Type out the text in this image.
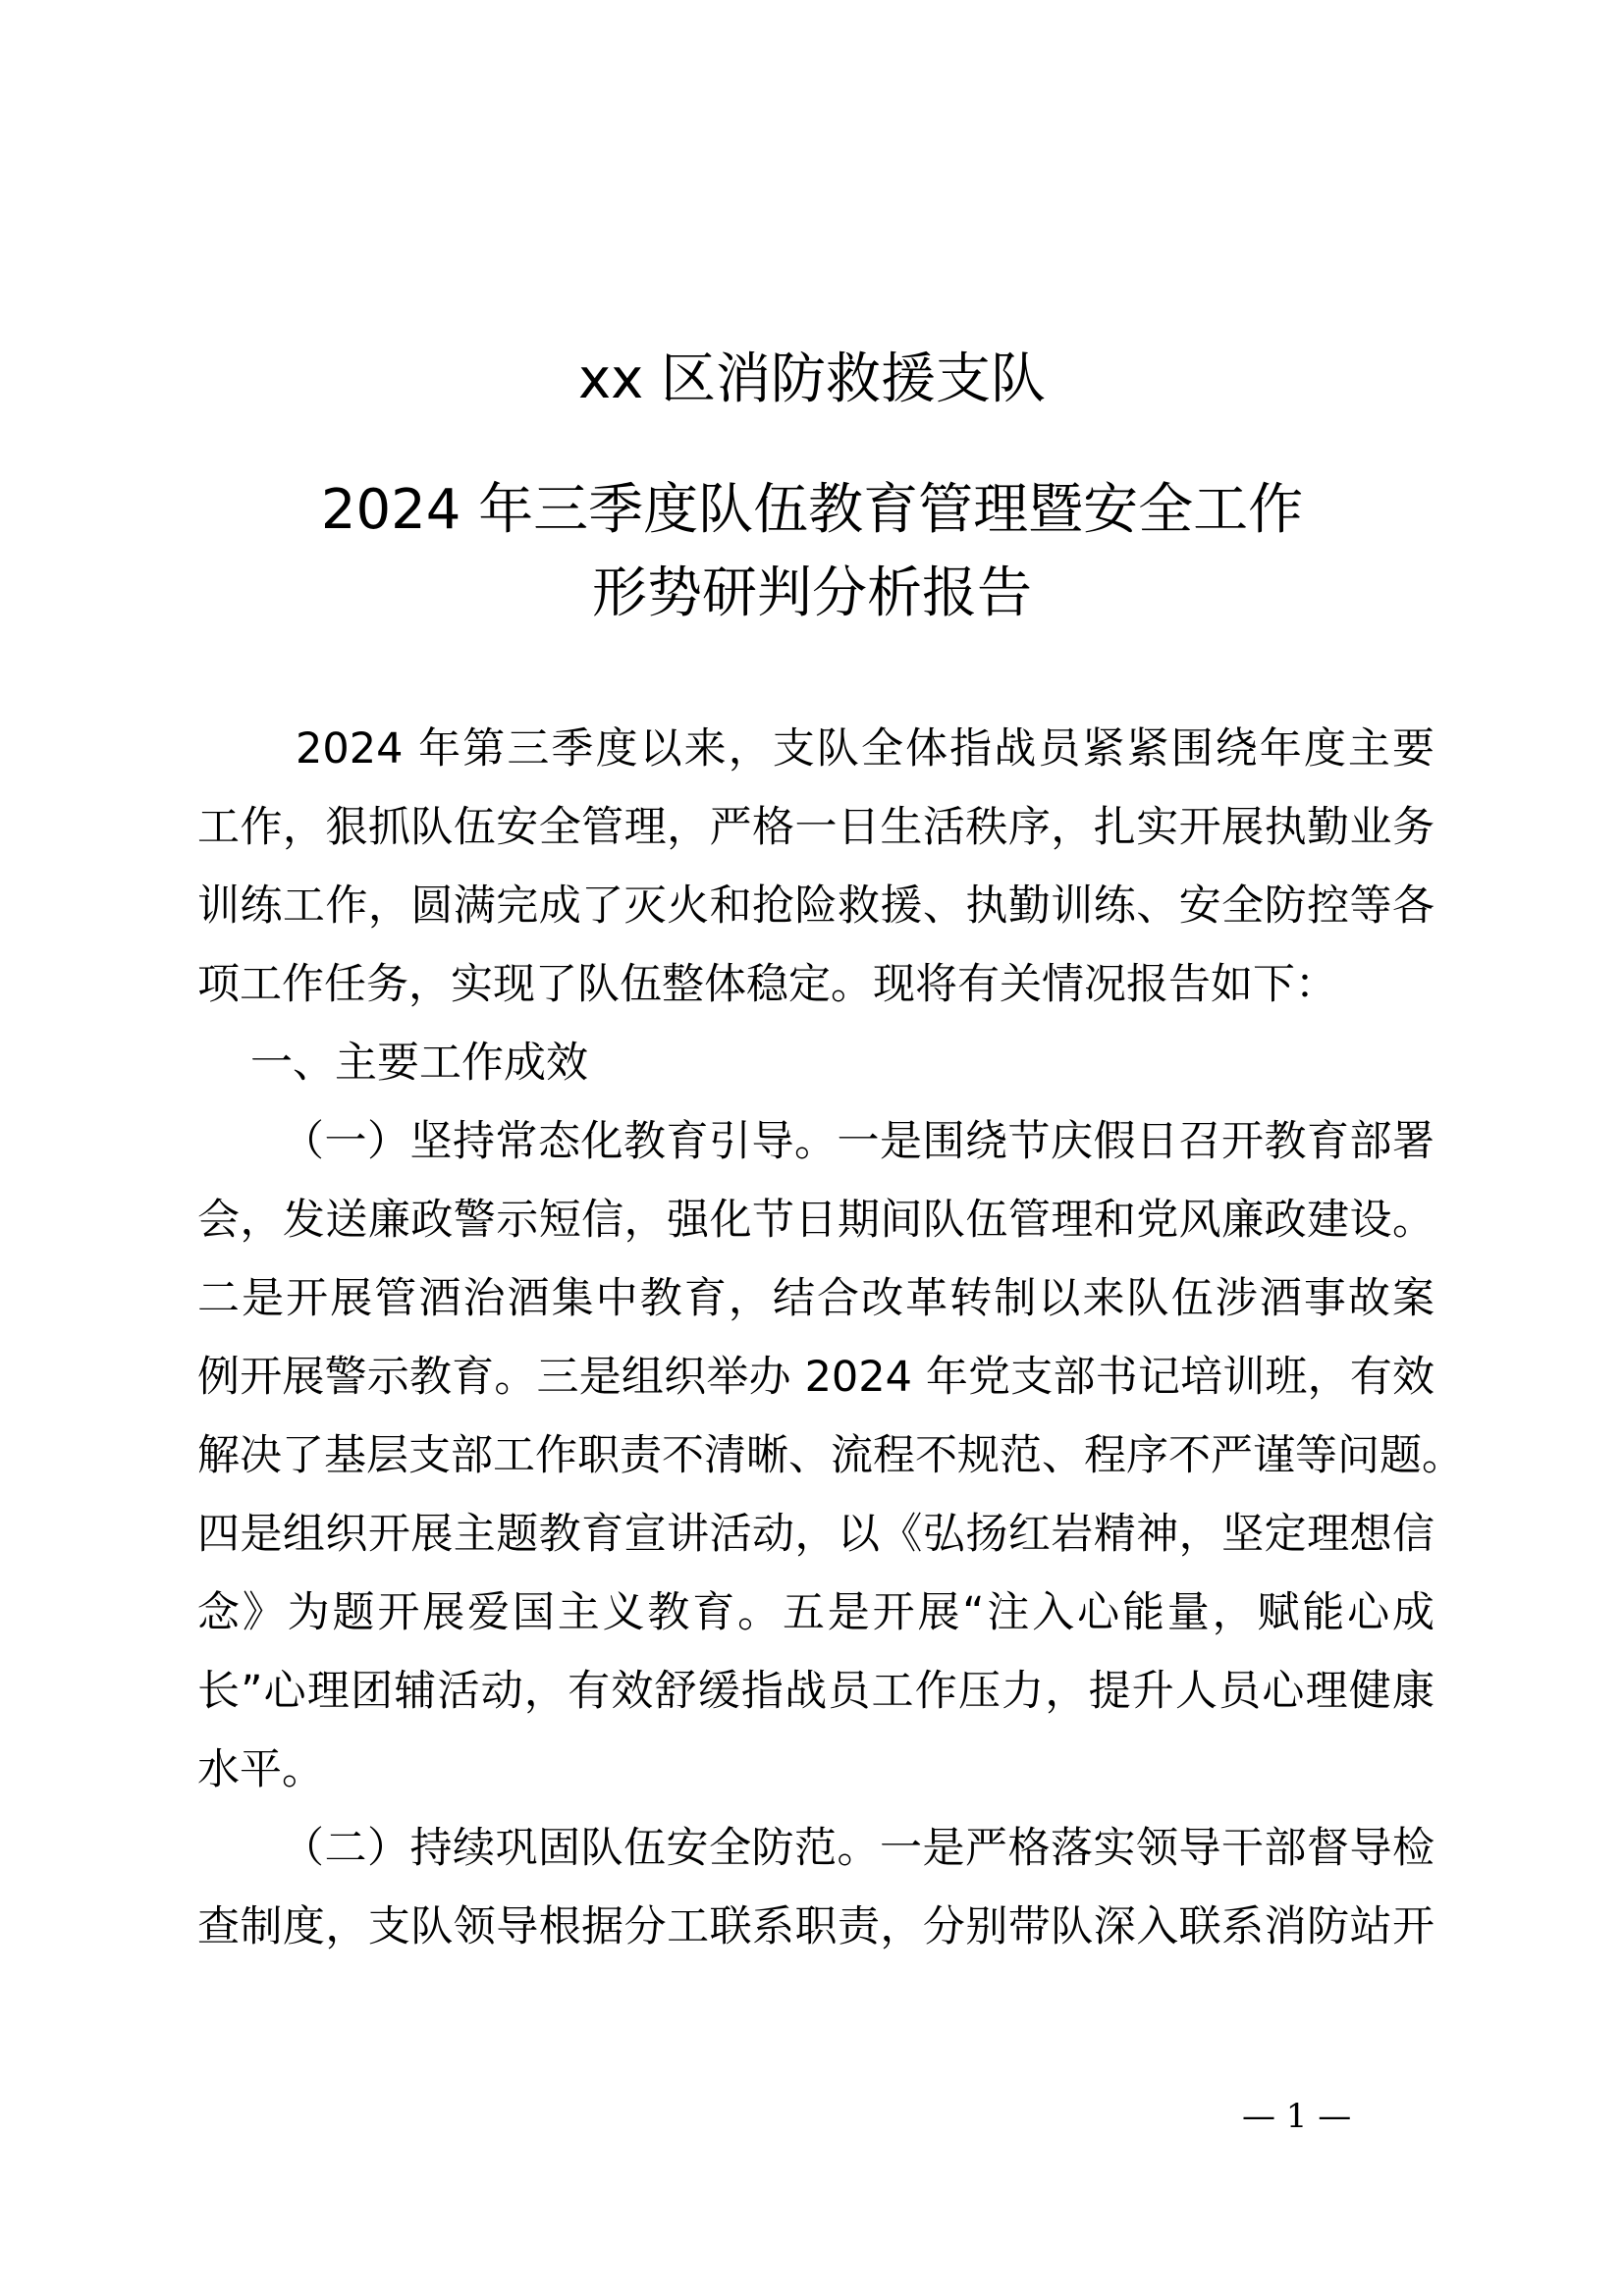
xx 区消防救援支队
2024 年三季度队伍教育管理暨安全工作
形势研判分析报告
2024 年第三季度以来，支队全体指战员紧紧围绕年度主要
工作，狠抓队伍安全管理，严格一日生活秩序，扎实开展执勤业务
训练工作，圆满完成了灭火和抢险救援、执勤训练、安全防控等各
项工作任务，实现了队伍整体稳定。现将有关情况报告如下：
一、主要工作成效
（一）坚持常态化教育引导。一是围绕节庆假日召开教育部署
会，发送廉政警示短信，强化节日期间队伍管理和党风廉政建设。
二是开展管酒治酒集中教育，结合改革转制以来队伍涉酒事故案
例开展警示教育。三是组织举办 2024 年党支部书记培训班，有效
解决了基层支部工作职责不清晰、流程不规范、程序不严谨等问题。
四是组织开展主题教育宣讲活动，以《弘扬红岩精神，坚定理想信
念》为题开展爱国主义教育。五是开展“注入心能量，赋能心成
长”心理团辅活动，有效舒缓指战员工作压力，提升人员心理健康
水平。
（二）持续巩固队伍安全防范。一是严格落实领导干部督导检
查制度，支队领导根据分工联系职责，分别带队深入联系消防站开
— 1 —
